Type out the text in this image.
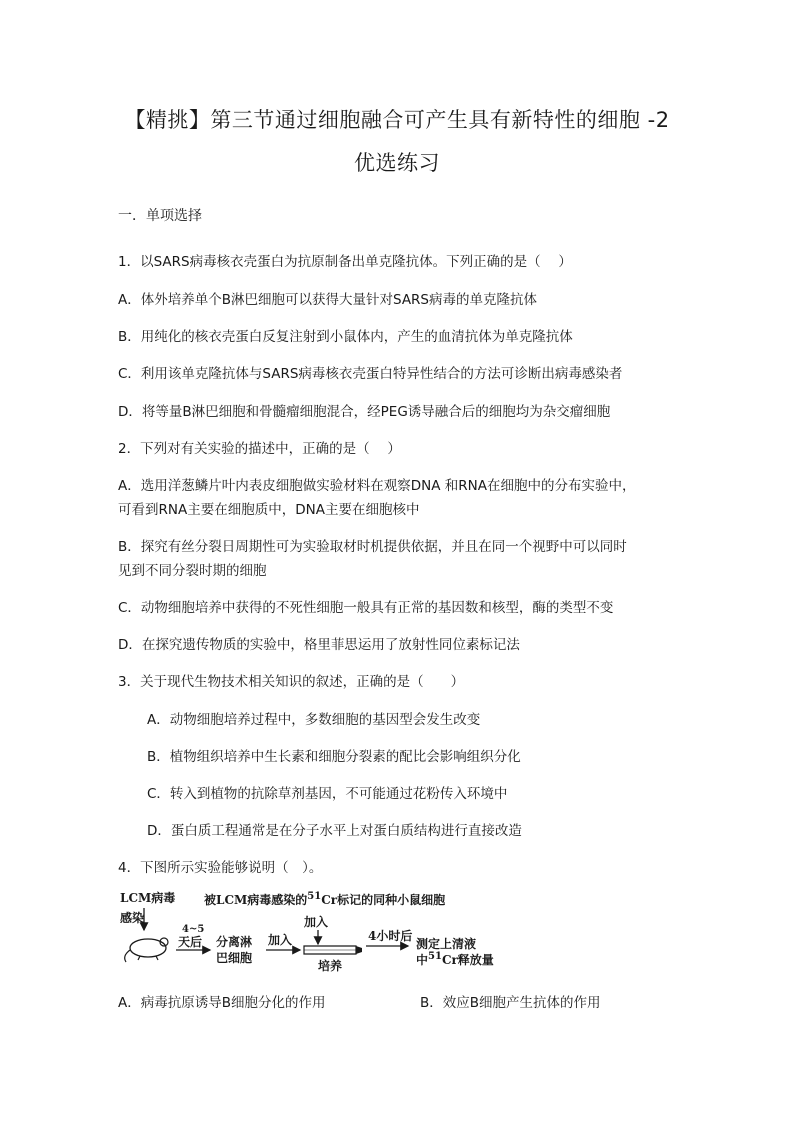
【精挑】第三节通过细胞融合可产生具有新特性的细胞 -2
优选练习
一．单项选择
1．以SARS病毒核衣壳蛋白为抗原制备出单克隆抗体。下列正确的是（　 ）
A．体外培养单个B淋巴细胞可以获得大量针对SARS病毒的单克隆抗体
B．用纯化的核衣壳蛋白反复注射到小鼠体内，产生的血清抗体为单克隆抗体
C．利用该单克隆抗体与SARS病毒核衣壳蛋白特异性结合的方法可诊断出病毒感染者
D．将等量B淋巴细胞和骨髓瘤细胞混合，经PEG诱导融合后的细胞均为杂交瘤细胞
2．下列对有关实验的描述中，正确的是（　 ）
A．选用洋葱鳞片叶内表皮细胞做实验材料在观察DNA 和RNA在细胞中的分布实验中，
可看到RNA主要在细胞质中，DNA主要在细胞核中
B．探究有丝分裂日周期性可为实验取材时机提供依据，并且在同一个视野中可以同时
见到不同分裂时期的细胞
C．动物细胞培养中获得的不死性细胞一般具有正常的基因数和核型，酶的类型不变
D．在探究遗传物质的实验中，格里菲思运用了放射性同位素标记法
3．关于现代生物技术相关知识的叙述，正确的是（　　）
A．动物细胞培养过程中，多数细胞的基因型会发生改变
B．植物组织培养中生长素和细胞分裂素的配比会影响组织分化
C．转入到植物的抗除草剂基因，不可能通过花粉传入环境中
D．蛋白质工程通常是在分子水平上对蛋白质结构进行直接改造
4．下图所示实验能够说明（　）。
LCM病毒
感染
4~5
天后 分离淋
巴细胞
加入
被LCM病毒感染的$^{51}$Cr标记的同种小鼠细胞
加入
培养
4小时后
测定上清液
中$^{51}$Cr释放量
A．病毒抗原诱导B细胞分化的作用	B．效应B细胞产生抗体的作用
